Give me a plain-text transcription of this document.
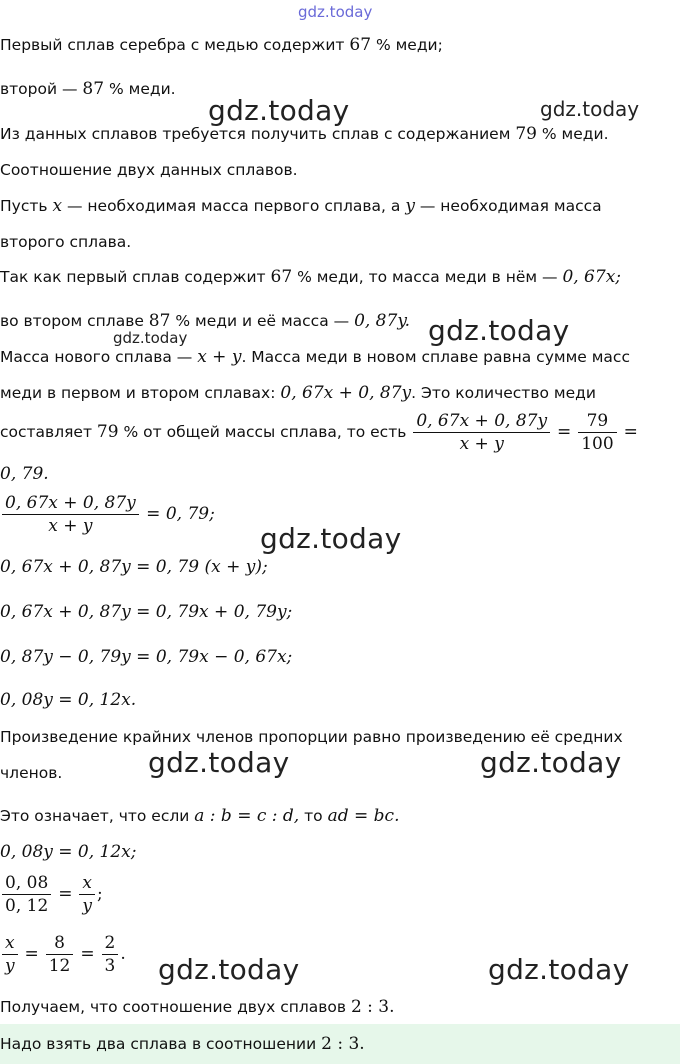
gdz.today
gdz.today	gdz.today
gdz.today
gdz.today
gdz.today
gdz.today	gdz.today
gdz.today	gdz.today
Первый сплав серебра с медью содержит 67 % меди;
второй — 87 % меди.
Из данных сплавов требуется получить сплав с содержанием 79 % меди.
Соотношение двух данных сплавов.
Пусть x — необходимая масса первого сплава, а y — необходимая масса
второго сплава.
Так как первый сплав содержит 67 % меди, то масса меди в нём — 0, 67x;
во втором сплаве 87 % меди и её масса — 0, 87y.
Масса нового сплава — x + y. Масса меди в новом сплаве равна сумме масс
меди в первом и втором сплавах: 0, 67x + 0, 87y. Это количество меди
составляет 79 % от общей массы сплава, то есть $\frac{0, 67x + 0, 87y}{x + y} = \frac{79}{100}$ =
0, 79.
$\frac{0, 67x + 0, 87y}{x + y} = 0$, 79;
0, 67x + 0, 87y = 0, 79 (x + y);
0, 67x + 0, 87y = 0, 79x + 0, 79y;
0, 87y − 0, 79y = 0, 79x − 0, 67x;
0, 08y = 0, 12x.
Произведение крайних членов пропорции равно произведению её средних
членов.
Это означает, что если a : b = c : d, то ad = bc.
0, 08y = 0, 12x;
$\frac{0, 08}{0, 12} = \frac{x}{y}$ ;
$\frac{x}{y} = \frac{8}{12} = \frac{2}{3}$ .
Получаем, что соотношение двух сплавов 2 : 3.
Надо взять два сплава в соотношении 2 : 3.
